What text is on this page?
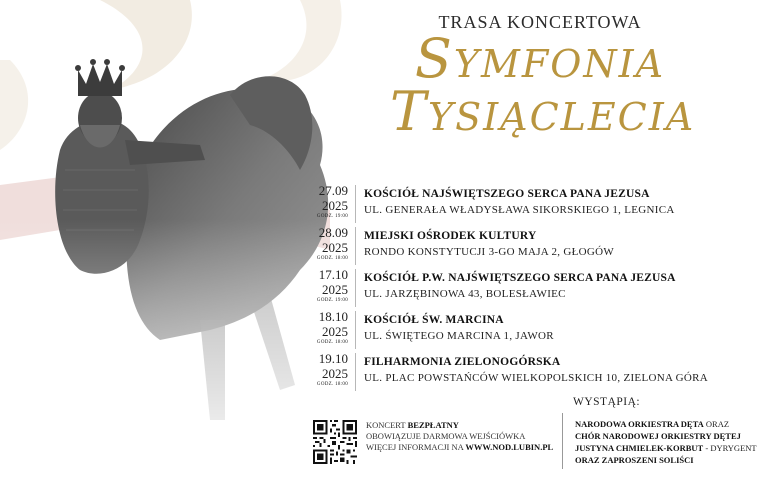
TRASA KONCERTOWA
SYMFONIA
TYSIĄCLECIA
27.09
2025
GODZ. 19:00
KOŚCIÓŁ NAJŚWIĘTSZEGO SERCA PANA JEZUSA
UL. GENERAŁA WŁADYSŁAWA SIKORSKIEGO 1, LEGNICA
28.09
2025
GODZ. 18:00
MIEJSKI OŚRODEK KULTURY
RONDO KONSTYTUCJI 3-GO MAJA 2, GŁOGÓW
17.10
2025
GODZ. 19:00
KOŚCIÓŁ P.W. NAJŚWIĘTSZEGO SERCA PANA JEZUSA
UL. JARZĘBINOWA 43, BOLESŁAWIEC
18.10
2025
GODZ. 18:00
KOŚCIÓŁ ŚW. MARCINA
UL. ŚWIĘTEGO MARCINA 1, JAWOR
19.10
2025
GODZ. 18:00
FILHARMONIA ZIELONOGÓRSKA
UL. PLAC POWSTAŃCÓW WIELKOPOLSKICH 10, ZIELONA GÓRA
KONCERT BEZPŁATNY
OBOWIĄZUJE DARMOWA WEJŚCIÓWKA
WIĘCEJ INFORMACJI NA WWW.NOD.LUBIN.PL
WYSTĄPIĄ:
NARODOWA ORKIESTRA DĘTA ORAZ
CHÓR NARODOWEJ ORKIESTRY DĘTEJ
JUSTYNA CHMIELEK-KORBUT - DYRYGENT
ORAZ ZAPROSZENI SOLIŚCI
